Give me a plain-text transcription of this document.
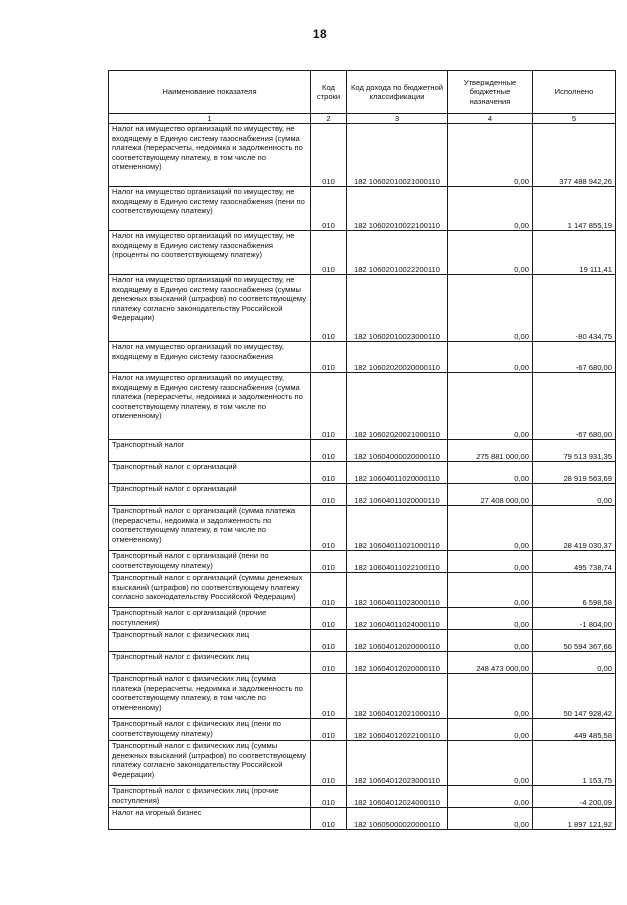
18
Наименование показателя	Код строки	Код дохода по бюджетной классификации	Утвержденные бюджетные назначения	Исполнено
1	2	3	4	5
Налог на имущество организаций по имуществу, не входящему в Единую систему газоснабжения (сумма платежа (перерасчеты, недоимка и задолженность по соответствующему платежу, в том числе по отмененному)	010	182 10602010021000110	0,00	377 488 942,26
Налог на имущество организаций по имуществу, не входящему в Единую систему газоснабжения (пени по соответствующему платежу)	010	182 10602010022100110	0,00	1 147 855,19
Налог на имущество организаций по имуществу, не входящему в Единую систему газоснабжения (проценты по соответствующему платежу)	010	182 10602010022200110	0,00	19 111,41
Налог на имущество организаций по имуществу, не входящему в Единую систему газоснабжения (суммы денежных взысканий (штрафов) по соответствующему платежу согласно законодательству Российской Федерации)	010	182 10602010023000110	0,00	-80 434,75
Налог на имущество организаций по имуществу, входящему в Единую систему газоснабжения	010	182 10602020020000110	0,00	-67 680,00
Налог на имущество организаций по имуществу, входящему в Единую систему газоснабжения (сумма платежа (перерасчеты, недоимка и задолженность по соответствующему платежу, в том числе по отмененному)	010	182 10602020021000110	0,00	-67 680,00
Транспортный налог	010	182 10604000020000110	275 881 000,00	79 513 931,35
Транспортный налог с организаций	010	182 10604011020000110	0,00	28 919 563,69
Транспортный налог с организаций	010	182 10604011020000110	27 408 000,00	0,00
Транспортный налог с организаций (сумма платежа (перерасчеты, недоимка и задолженность по соответствующему платежу, в том числе по отмененному)	010	182 10604011021000110	0,00	28 419 030,37
Транспортный налог с организаций (пени по соответствующему платежу)	010	182 10604011022100110	0,00	495 738,74
Транспортный налог с организаций (суммы денежных взысканий (штрафов) по соответствующему платежу согласно законодательству Российской Федерации)	010	182 10604011023000110	0,00	6 598,58
Транспортный налог с организаций (прочие поступления)	010	182 10604011024000110	0,00	-1 804,00
Транспортный налог с физических лиц	010	182 10604012020000110	0,00	50 594 367,66
Транспортный налог с физических лиц	010	182 10604012020000110	248 473 000,00	0,00
Транспортный налог с физических лиц (сумма платежа (перерасчеты, недоимка и задолженность по соответствующему платежу, в том числе по отмененному)	010	182 10604012021000110	0,00	50 147 928,42
Транспортный налог с физических лиц (пени по соответствующему платежу)	010	182 10604012022100110	0,00	449 485,58
Транспортный налог с физических лиц (суммы денежных взысканий (штрафов) по соответствующему платежу согласно законодательству Российской Федерации)	010	182 10604012023000110	0,00	1 153,75
Транспортный налог с физических лиц (прочие поступления)	010	182 10604012024000110	0,00	-4 200,09
Налог на игорный бизнес	010	182 10605000020000110	0,00	1 897 121,92
